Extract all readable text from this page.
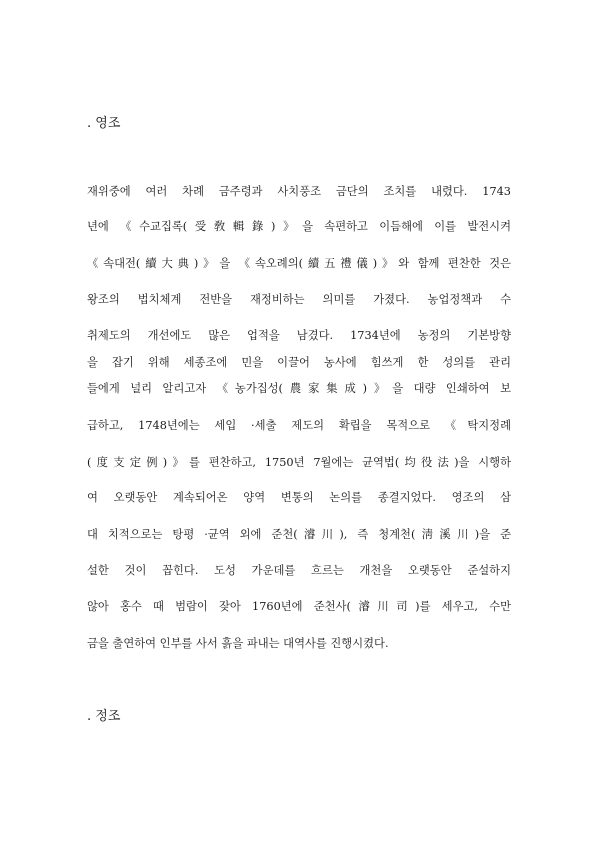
. 영조
재위중에 여러 차례 금주령과 사치풍조 금단의 조치를 내렸다. 1743
년에 《수교집록(受敎輯錄)》을 속편하고 이듬해에 이를 발전시켜
《속대전(續大典)》을 《속오례의(續五禮儀)》와 함께 편찬한 것은
왕조의 법치체계 전반을 재정비하는 의미를 가졌다. 농업정책과 수
취제도의 개선에도 많은 업적을 남겼다. 1734년에 농정의 기본방향
을 잡기 위해 세종조에 민을 이끌어 농사에 힘쓰게 한 성의를 관리
들에게 널리 알리고자 《농가집성(農家集成)》을 대량 인쇄하여 보
급하고, 1748년에는 세입 ·세출 제도의 확립을 목적으로 《탁지정례
(度支定例)》를 편찬하고, 1750년 7월에는 균역법(均役法)을 시행하
여 오랫동안 계속되어온 양역 변통의 논의를 종결지었다. 영조의 삼
대 치적으로는 탕평 ·균역 외에 준천(濬川), 즉 청계천(淸溪川)을 준
설한 것이 꼽힌다. 도성 가운데를 흐르는 개천을 오랫동안 준설하지
않아 홍수 때 범람이 잦아 1760년에 준천사(濬川司)를 세우고, 수만
금을 출연하여 인부를 사서 흙을 파내는 대역사를 진행시켰다.
. 정조
